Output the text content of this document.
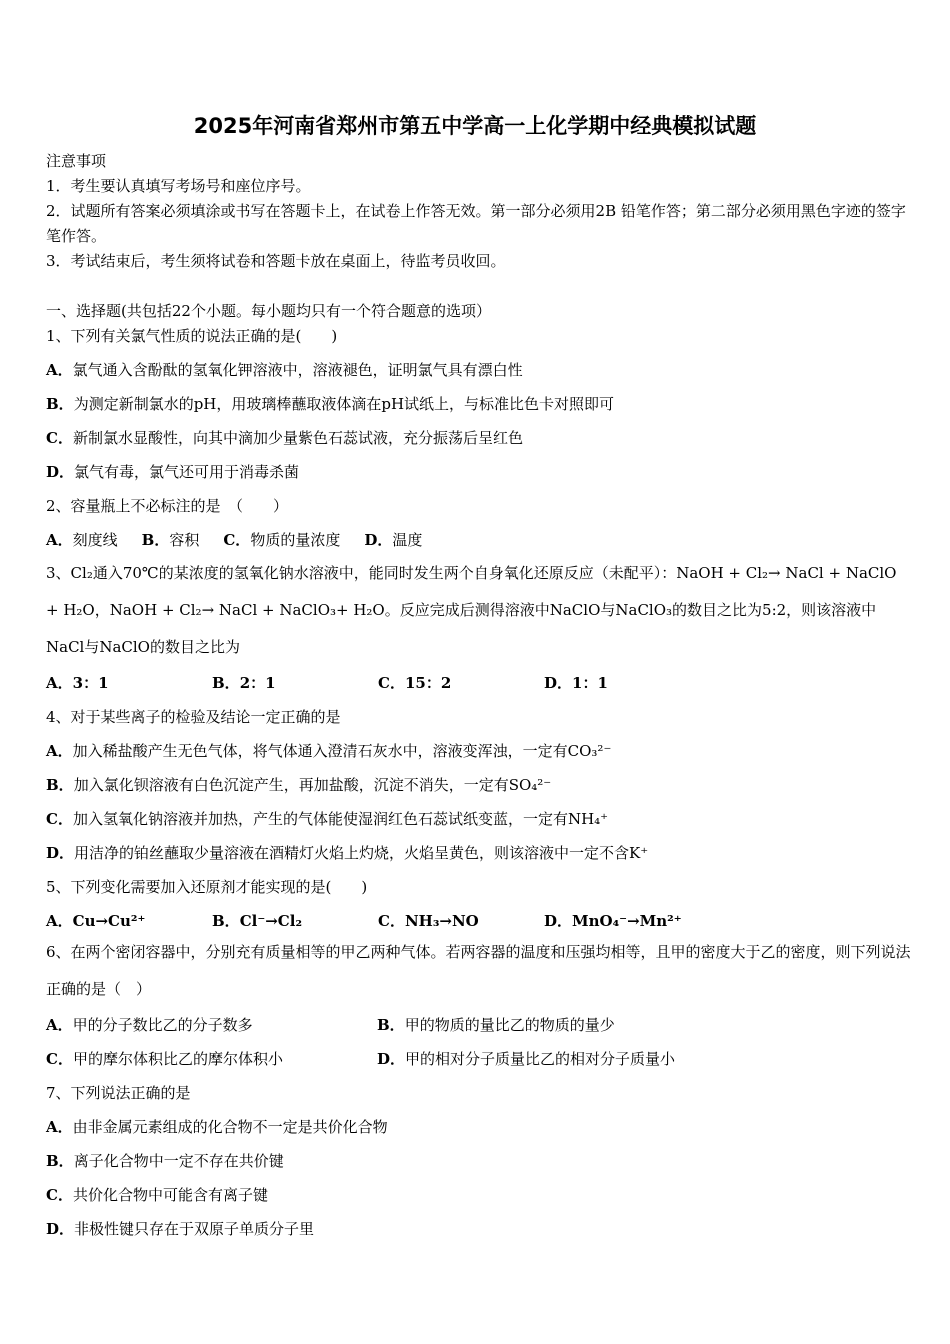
2025年河南省郑州市第五中学高一上化学期中经典模拟试题
注意事项
1．考生要认真填写考场号和座位序号。
2．试题所有答案必须填涂或书写在答题卡上，在试卷上作答无效。第一部分必须用2B 铅笔作答；第二部分必须用黑色字迹的签字笔作答。
3．考试结束后，考生须将试卷和答题卡放在桌面上，待监考员收回。
一、选择题(共包括22个小题。每小题均只有一个符合题意的选项）
1、下列有关氯气性质的说法正确的是(　　)
A．氯气通入含酚酞的氢氧化钾溶液中，溶液褪色，证明氯气具有漂白性
B．为测定新制氯水的pH，用玻璃棒蘸取液体滴在pH试纸上，与标准比色卡对照即可
C．新制氯水显酸性，向其中滴加少量紫色石蕊试液，充分振荡后呈红色
D．氯气有毒，氯气还可用于消毒杀菌
2、容量瓶上不必标注的是　（　　）
A．刻度线 B．容积 C．物质的量浓度 D．温度
3、Cl₂通入70℃的某浓度的氢氧化钠水溶液中，能同时发生两个自身氧化还原反应（未配平）：NaOH + Cl₂→ NaCl + NaClO + H₂O，NaOH + Cl₂→ NaCl + NaClO₃+ H₂O。反应完成后测得溶液中NaClO与NaClO₃的数目之比为5:2，则该溶液中NaCl与NaClO的数目之比为
A．3：1	B．2：1	C．15：2	D．1：1
4、对于某些离子的检验及结论一定正确的是
A．加入稀盐酸产生无色气体，将气体通入澄清石灰水中，溶液变浑浊，一定有CO₃²⁻
B．加入氯化钡溶液有白色沉淀产生，再加盐酸，沉淀不消失，一定有SO₄²⁻
C．加入氢氧化钠溶液并加热，产生的气体能使湿润红色石蕊试纸变蓝，一定有NH₄⁺
D．用洁净的铂丝蘸取少量溶液在酒精灯火焰上灼烧，火焰呈黄色，则该溶液中一定不含K⁺
5、下列变化需要加入还原剂才能实现的是(　　)
A．Cu→Cu²⁺	B．Cl⁻→Cl₂	C．NH₃→NO	D．MnO₄⁻→Mn²⁺
6、在两个密闭容器中，分别充有质量相等的甲乙两种气体。若两容器的温度和压强均相等，且甲的密度大于乙的密度，则下列说法正确的是（　）
A．甲的分子数比乙的分子数多	B．甲的物质的量比乙的物质的量少
C．甲的摩尔体积比乙的摩尔体积小	D．甲的相对分子质量比乙的相对分子质量小
7、下列说法正确的是
A．由非金属元素组成的化合物不一定是共价化合物
B．离子化合物中一定不存在共价键
C．共价化合物中可能含有离子键
D．非极性键只存在于双原子单质分子里
